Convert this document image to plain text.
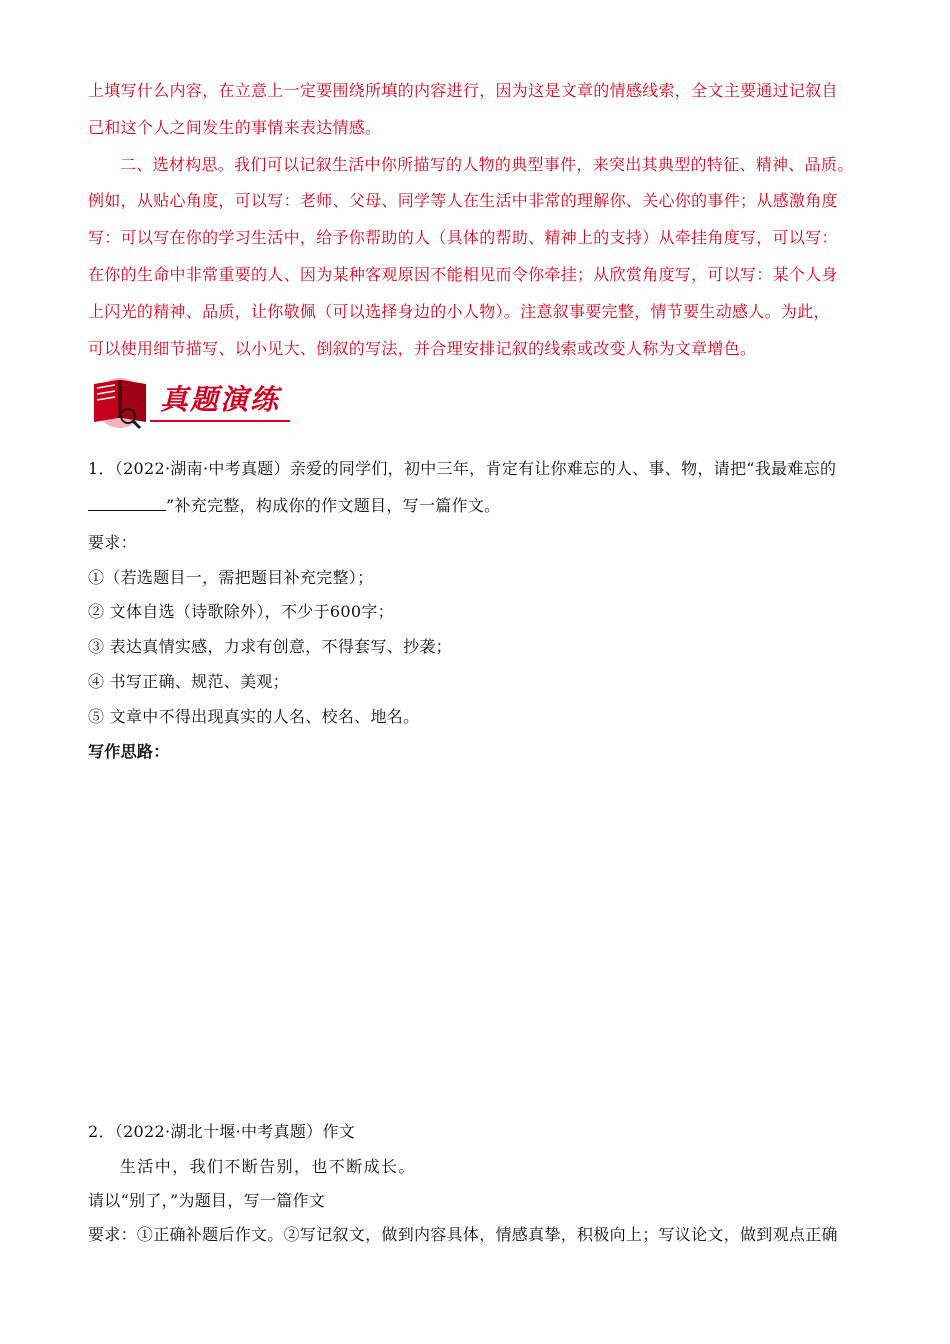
上填写什么内容，在立意上一定要围绕所填的内容进行，因为这是文章的情感线索，全文主要通过记叙自
己和这个人之间发生的事情来表达情感。
二、选材构思。我们可以记叙生活中你所描写的人物的典型事件，来突出其典型的特征、精神、品质。
例如，从贴心角度，可以写：老师、父母、同学等人在生活中非常的理解你、关心你的事件；从感激角度
写：可以写在你的学习生活中，给予你帮助的人（具体的帮助、精神上的支持）从牵挂角度写，可以写：
在你的生命中非常重要的人、因为某种客观原因不能相见而令你牵挂；从欣赏角度写，可以写：某个人身
上闪光的精神、品质，让你敬佩（可以选择身边的小人物）。注意叙事要完整，情节要生动感人。为此，
可以使用细节描写、以小见大、倒叙的写法，并合理安排记叙的线索或改变人称为文章增色。
真题演练
1．（2022·湖南·中考真题）亲爱的同学们，初中三年，肯定有让你难忘的人、事、物，请把“我最难忘的
”补充完整，构成你的作文题目，写一篇作文。
要求：
①（若选题目一，需把题目补充完整）；
② 文体自选（诗歌除外），不少于600字；
③ 表达真情实感，力求有创意，不得套写、抄袭；
④ 书写正确、规范、美观；
⑤ 文章中不得出现真实的人名、校名、地名。
写作思路：
2．（2022·湖北十堰·中考真题）作文
生活中，我们不断告别，也不断成长。
请以“别了，”为题目，写一篇作文
要求：①正确补题后作文。②写记叙文，做到内容具体，情感真挚，积极向上；写议论文，做到观点正确
